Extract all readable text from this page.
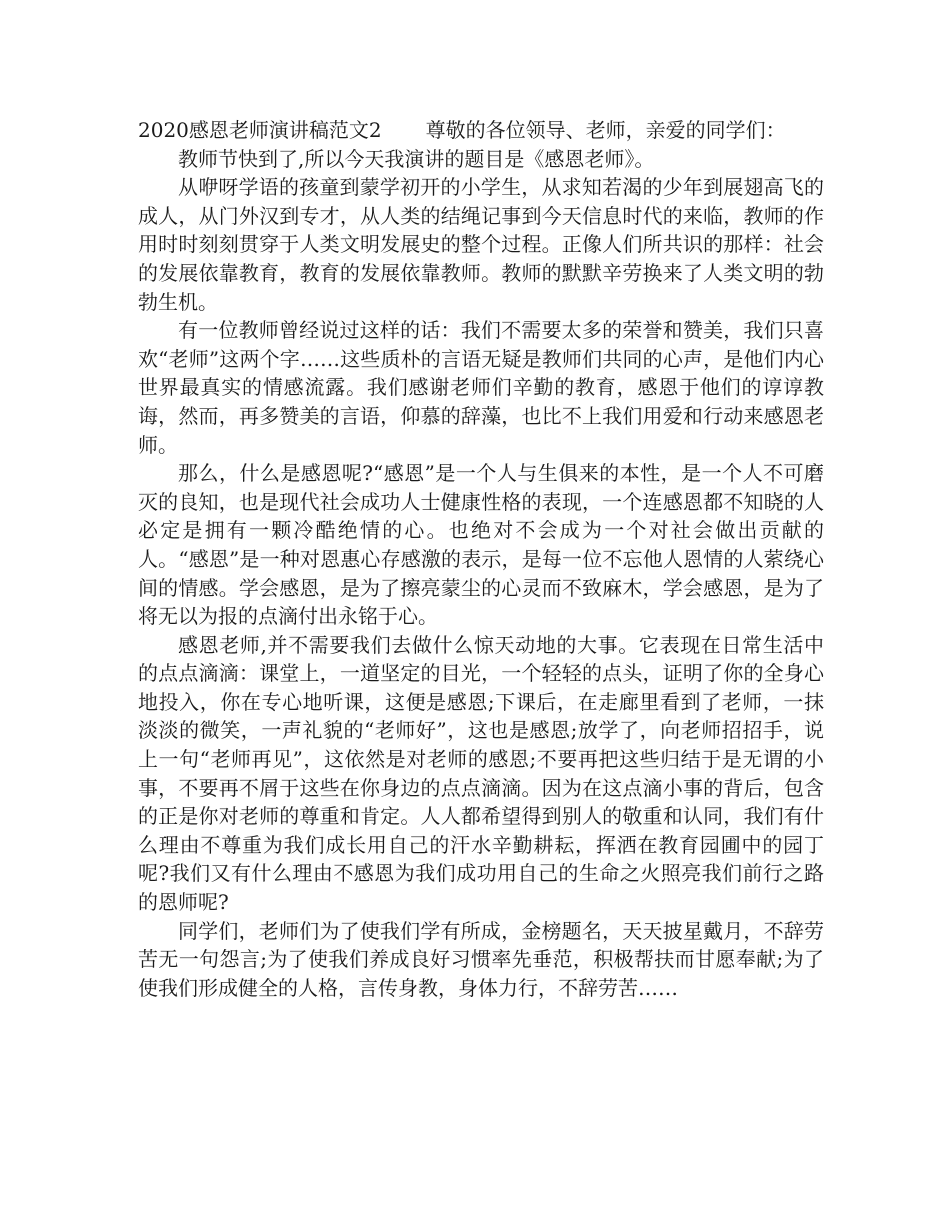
2020感恩老师演讲稿范文2 尊敬的各位领导、老师，亲爱的同学们：

教师节快到了,所以今天我演讲的题目是《感恩老师》。

从咿呀学语的孩童到蒙学初开的小学生，从求知若渴的少年到展翅高飞的成人，从门外汉到专才，从人类的结绳记事到今天信息时代的来临，教师的作用时时刻刻贯穿于人类文明发展史的整个过程。正像人们所共识的那样：社会的发展依靠教育，教育的发展依靠教师。教师的默默辛劳换来了人类文明的勃勃生机。

有一位教师曾经说过这样的话：我们不需要太多的荣誉和赞美，我们只喜欢“老师”这两个字……这些质朴的言语无疑是教师们共同的心声，是他们内心世界最真实的情感流露。我们感谢老师们辛勤的教育，感恩于他们的谆谆教诲，然而，再多赞美的言语，仰慕的辞藻，也比不上我们用爱和行动来感恩老师。

那么，什么是感恩呢?“感恩”是一个人与生俱来的本性，是一个人不可磨灭的良知，也是现代社会成功人士健康性格的表现，一个连感恩都不知晓的人必定是拥有一颗冷酷绝情的心。也绝对不会成为一个对社会做出贡献的人。“感恩”是一种对恩惠心存感激的表示，是每一位不忘他人恩情的人萦绕心间的情感。学会感恩，是为了擦亮蒙尘的心灵而不致麻木，学会感恩，是为了将无以为报的点滴付出永铭于心。

感恩老师,并不需要我们去做什么惊天动地的大事。它表现在日常生活中的点点滴滴：课堂上，一道坚定的目光，一个轻轻的点头，证明了你的全身心地投入，你在专心地听课，这便是感恩;下课后，在走廊里看到了老师，一抹淡淡的微笑，一声礼貌的“老师好”，这也是感恩;放学了，向老师招招手，说上一句“老师再见”，这依然是对老师的感恩;不要再把这些归结于是无谓的小事，不要再不屑于这些在你身边的点点滴滴。因为在这点滴小事的背后，包含的正是你对老师的尊重和肯定。人人都希望得到别人的敬重和认同，我们有什么理由不尊重为我们成长用自己的汗水辛勤耕耘，挥洒在教育园圃中的园丁呢?我们又有什么理由不感恩为我们成功用自己的生命之火照亮我们前行之路的恩师呢?

同学们，老师们为了使我们学有所成，金榜题名，天天披星戴月，不辞劳苦无一句怨言;为了使我们养成良好习惯率先垂范，积极帮扶而甘愿奉献;为了使我们形成健全的人格，言传身教，身体力行，不辞劳苦……
